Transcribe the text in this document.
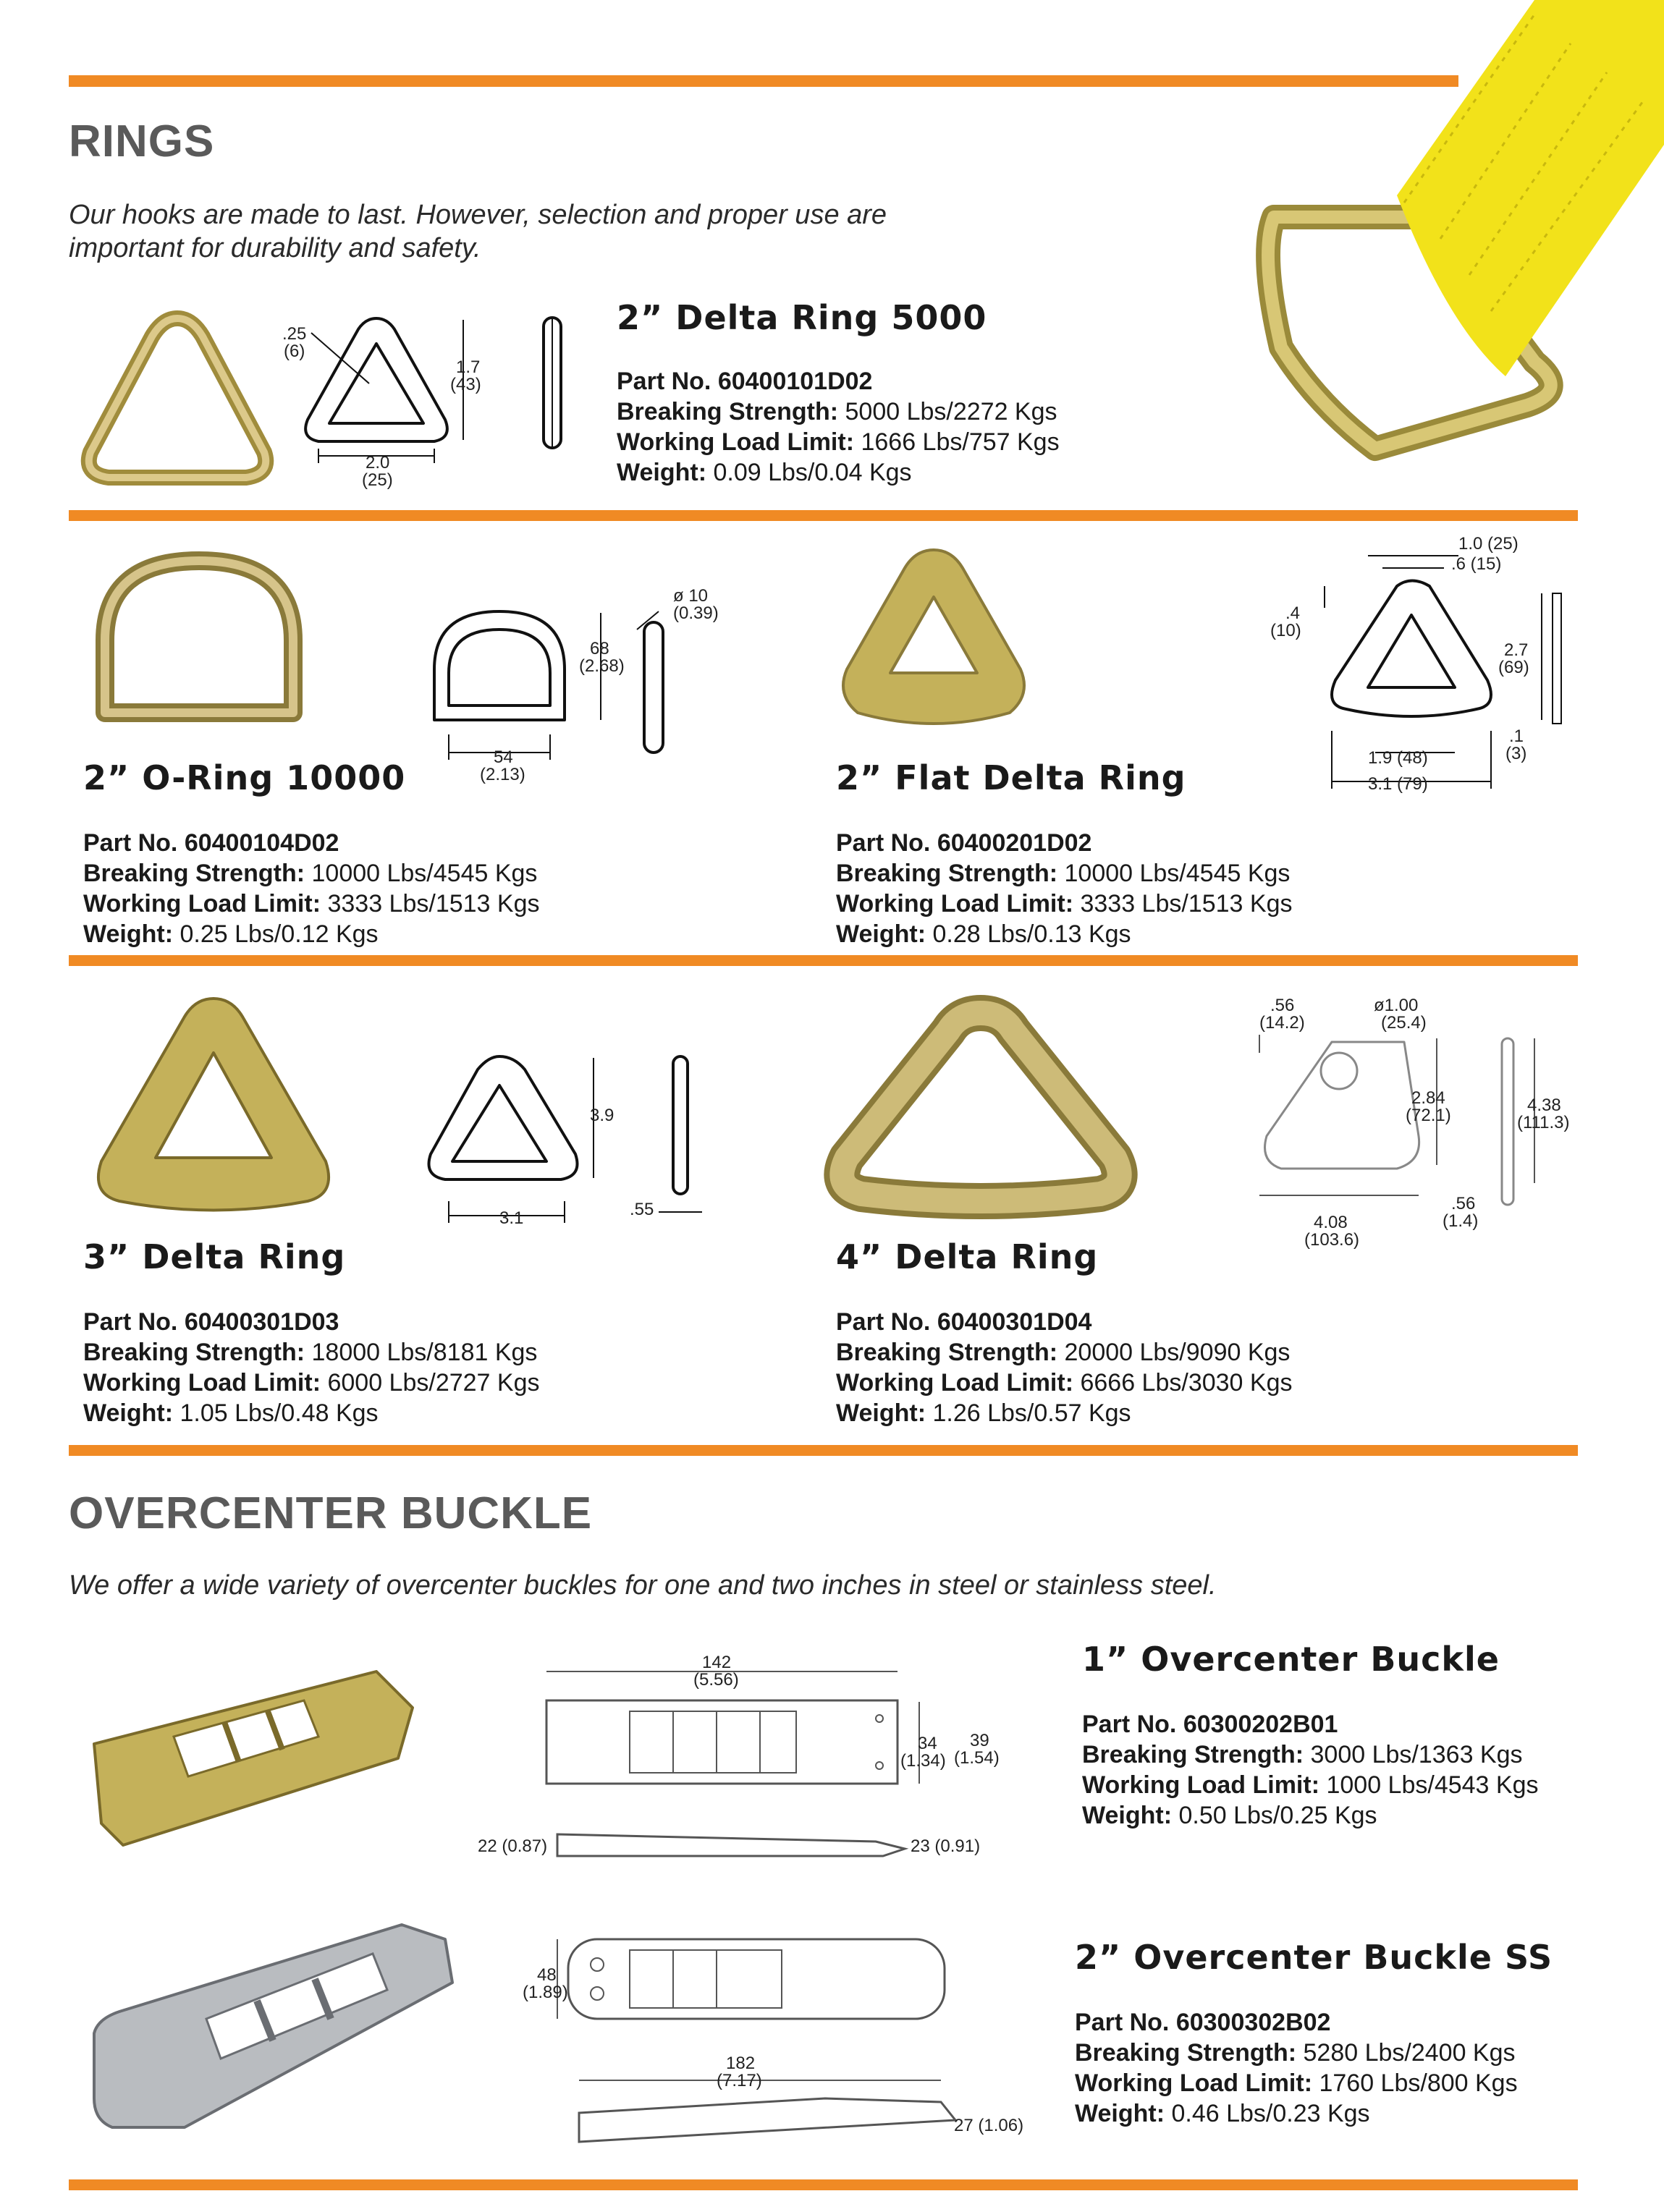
RINGS
Our hooks are made to last. However, selection and proper use are
important for durability and safety.
.25
(6)
1.7
(43)
2.0
(25)
2” Delta Ring 5000
Part No. 60400101D02
Breaking Strength: 5000 Lbs/2272 Kgs
Working Load Limit: 1666 Lbs/757 Kgs
Weight: 0.09 Lbs/0.04 Kgs
68
(2.68)
54
(2.13)
ø 10
(0.39)
2” O-Ring 10000
Part No. 60400104D02
Breaking Strength: 10000 Lbs/4545 Kgs
Working Load Limit: 3333 Lbs/1513 Kgs
Weight: 0.25 Lbs/0.12 Kgs
1.0 (25)
.6 (15)
.4
(10)
2.7
(69)
.1
(3)
1.9 (48)
3.1 (79)
2” Flat Delta Ring
Part No. 60400201D02
Breaking Strength: 10000 Lbs/4545 Kgs
Working Load Limit: 3333 Lbs/1513 Kgs
Weight: 0.28 Lbs/0.13 Kgs
3.9
3.1	.55
3” Delta Ring
Part No. 60400301D03
Breaking Strength: 18000 Lbs/8181 Kgs
Working Load Limit: 6000 Lbs/2727 Kgs
Weight: 1.05 Lbs/0.48 Kgs
.56
(14.2)
ø1.00
(25.4)
2.84
(72.1)
4.38
(111.3)
4.08
(103.6)
.56
(1.4)
4” Delta Ring
Part No. 60400301D04
Breaking Strength: 20000 Lbs/9090 Kgs
Working Load Limit: 6666 Lbs/3030 Kgs
Weight: 1.26 Lbs/0.57 Kgs
OVERCENTER BUCKLE
We offer a wide variety of overcenter buckles for one and two inches in steel or stainless steel.
142
(5.56)
34
(1.34)
39
(1.54)
22 (0.87)	23 (0.91)
1” Overcenter Buckle
Part No. 60300202B01
Breaking Strength: 3000 Lbs/1363 Kgs
Working Load Limit: 1000 Lbs/4543 Kgs
Weight: 0.50 Lbs/0.25 Kgs
48
(1.89)
182
(7.17)
27 (1.06)
2” Overcenter Buckle SS
Part No. 60300302B02
Breaking Strength: 5280 Lbs/2400 Kgs
Working Load Limit: 1760 Lbs/800 Kgs
Weight: 0.46 Lbs/0.23 Kgs
